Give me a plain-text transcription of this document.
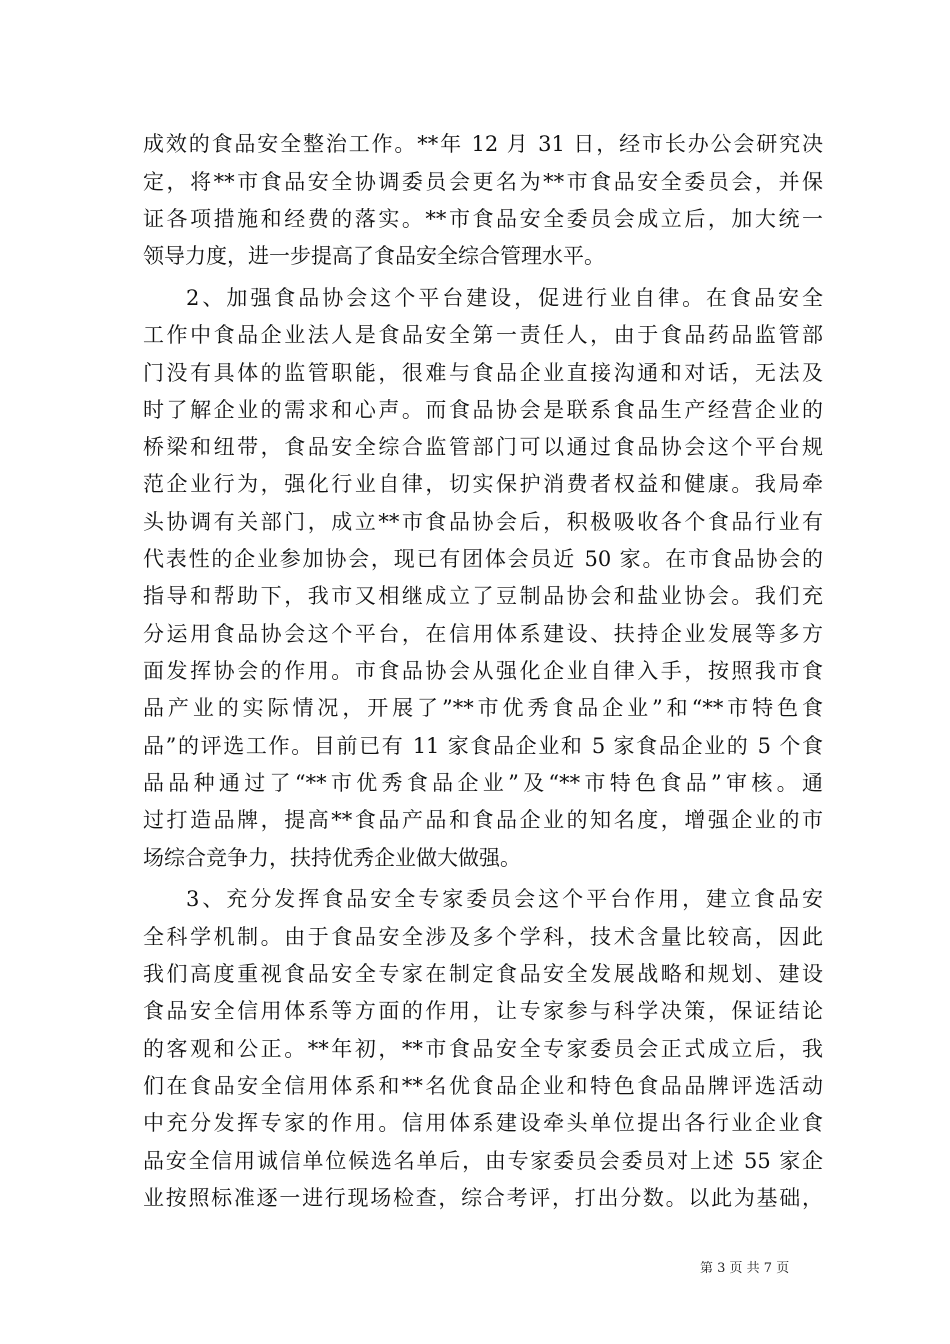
成效的食品安全整治工作。**年 12 月 31 日，经市长办公会研究决
定，将**市食品安全协调委员会更名为**市食品安全委员会，并保
证各项措施和经费的落实。**市食品安全委员会成立后，加大统一
领导力度，进一步提高了食品安全综合管理水平。
2、加强食品协会这个平台建设，促进行业自律。在食品安全
工作中食品企业法人是食品安全第一责任人，由于食品药品监管部
门没有具体的监管职能，很难与食品企业直接沟通和对话，无法及
时了解企业的需求和心声。而食品协会是联系食品生产经营企业的
桥梁和纽带，食品安全综合监管部门可以通过食品协会这个平台规
范企业行为，强化行业自律，切实保护消费者权益和健康。我局牵
头协调有关部门，成立**市食品协会后，积极吸收各个食品行业有
代表性的企业参加协会，现已有团体会员近 50 家。在市食品协会的
指导和帮助下，我市又相继成立了豆制品协会和盐业协会。我们充
分运用食品协会这个平台，在信用体系建设、扶持企业发展等多方
面发挥协会的作用。市食品协会从强化企业自律入手，按照我市食
品产业的实际情况，开展了”**市优秀食品企业”和“**市特色食
品”的评选工作。目前已有 11 家食品企业和 5 家食品企业的 5 个食
品品种通过了“**市优秀食品企业”及“**市特色食品”审核。通
过打造品牌，提高**食品产品和食品企业的知名度，增强企业的市
场综合竞争力，扶持优秀企业做大做强。
3、充分发挥食品安全专家委员会这个平台作用，建立食品安
全科学机制。由于食品安全涉及多个学科，技术含量比较高，因此
我们高度重视食品安全专家在制定食品安全发展战略和规划、建设
食品安全信用体系等方面的作用，让专家参与科学决策，保证结论
的客观和公正。**年初，**市食品安全专家委员会正式成立后，我
们在食品安全信用体系和**名优食品企业和特色食品品牌评选活动
中充分发挥专家的作用。信用体系建设牵头单位提出各行业企业食
品安全信用诚信单位候选名单后，由专家委员会委员对上述 55 家企
业按照标准逐一进行现场检查，综合考评，打出分数。以此为基础，
第 3 页 共 7 页
